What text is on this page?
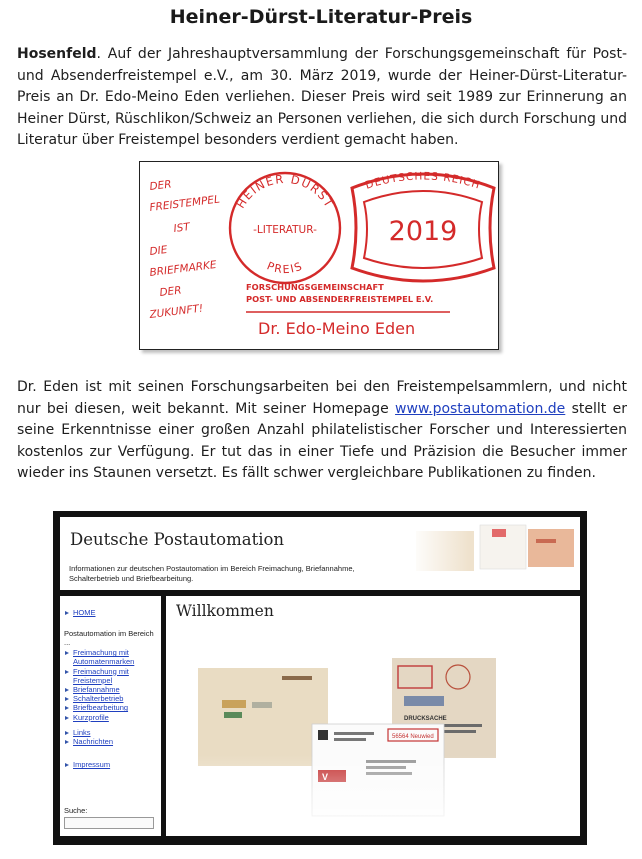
Heiner-Dürst-Literatur-Preis

Hosenfeld. Auf der Jahreshauptversammlung der Forschungsgemeinschaft für Post- und Absenderfreistempel e.V., am 30. März 2019, wurde der Heiner-Dürst-Literatur-Preis an Dr. Edo-Meino Eden verliehen. Dieser Preis wird seit 1989 zur Erinnerung an Heiner Dürst, Rüschlikon/Schweiz an Personen verliehen, die sich durch Forschung und Literatur über Freistempel besonders verdient gemacht haben.

DER
FREISTEMPEL
IST
DIE
BRIEFMARKE
DER
ZUKUNFT!
HEINER DÜRST
-LITERATUR-
PREIS
DEUTSCHES REICH
2019
FORSCHUNGSGEMEINSCHAFT
POST- UND ABSENDERFREISTEMPEL E.V.
Dr. Edo-Meino Eden

Dr. Eden ist mit seinen Forschungsarbeiten bei den Freistempelsammlern, und nicht nur bei diesen, weit bekannt. Mit seiner Homepage www.postautomation.de stellt er seine Erkenntnisse einer großen Anzahl philatelistischer Forscher und Interessierten kostenlos zur Verfügung. Er tut das in einer Tiefe und Präzision die Besucher immer wieder ins Staunen versetzt. Es fällt schwer vergleichbare Publikationen zu finden.

Deutsche Postautomation
Informationen zur deutschen Postautomation im Bereich Freimachung, Briefannahme, Schalterbetrieb und Briefbearbeitung.
HOME
Postautomation im Bereich ...
Freimachung mit
Automatenmarken
Freimachung mit
Freistempel
Briefannahme
Schalterbetrieb
Briefbearbeitung
Kurzprofile
Links
Nachrichten
Impressum
Suche:
Willkommen
